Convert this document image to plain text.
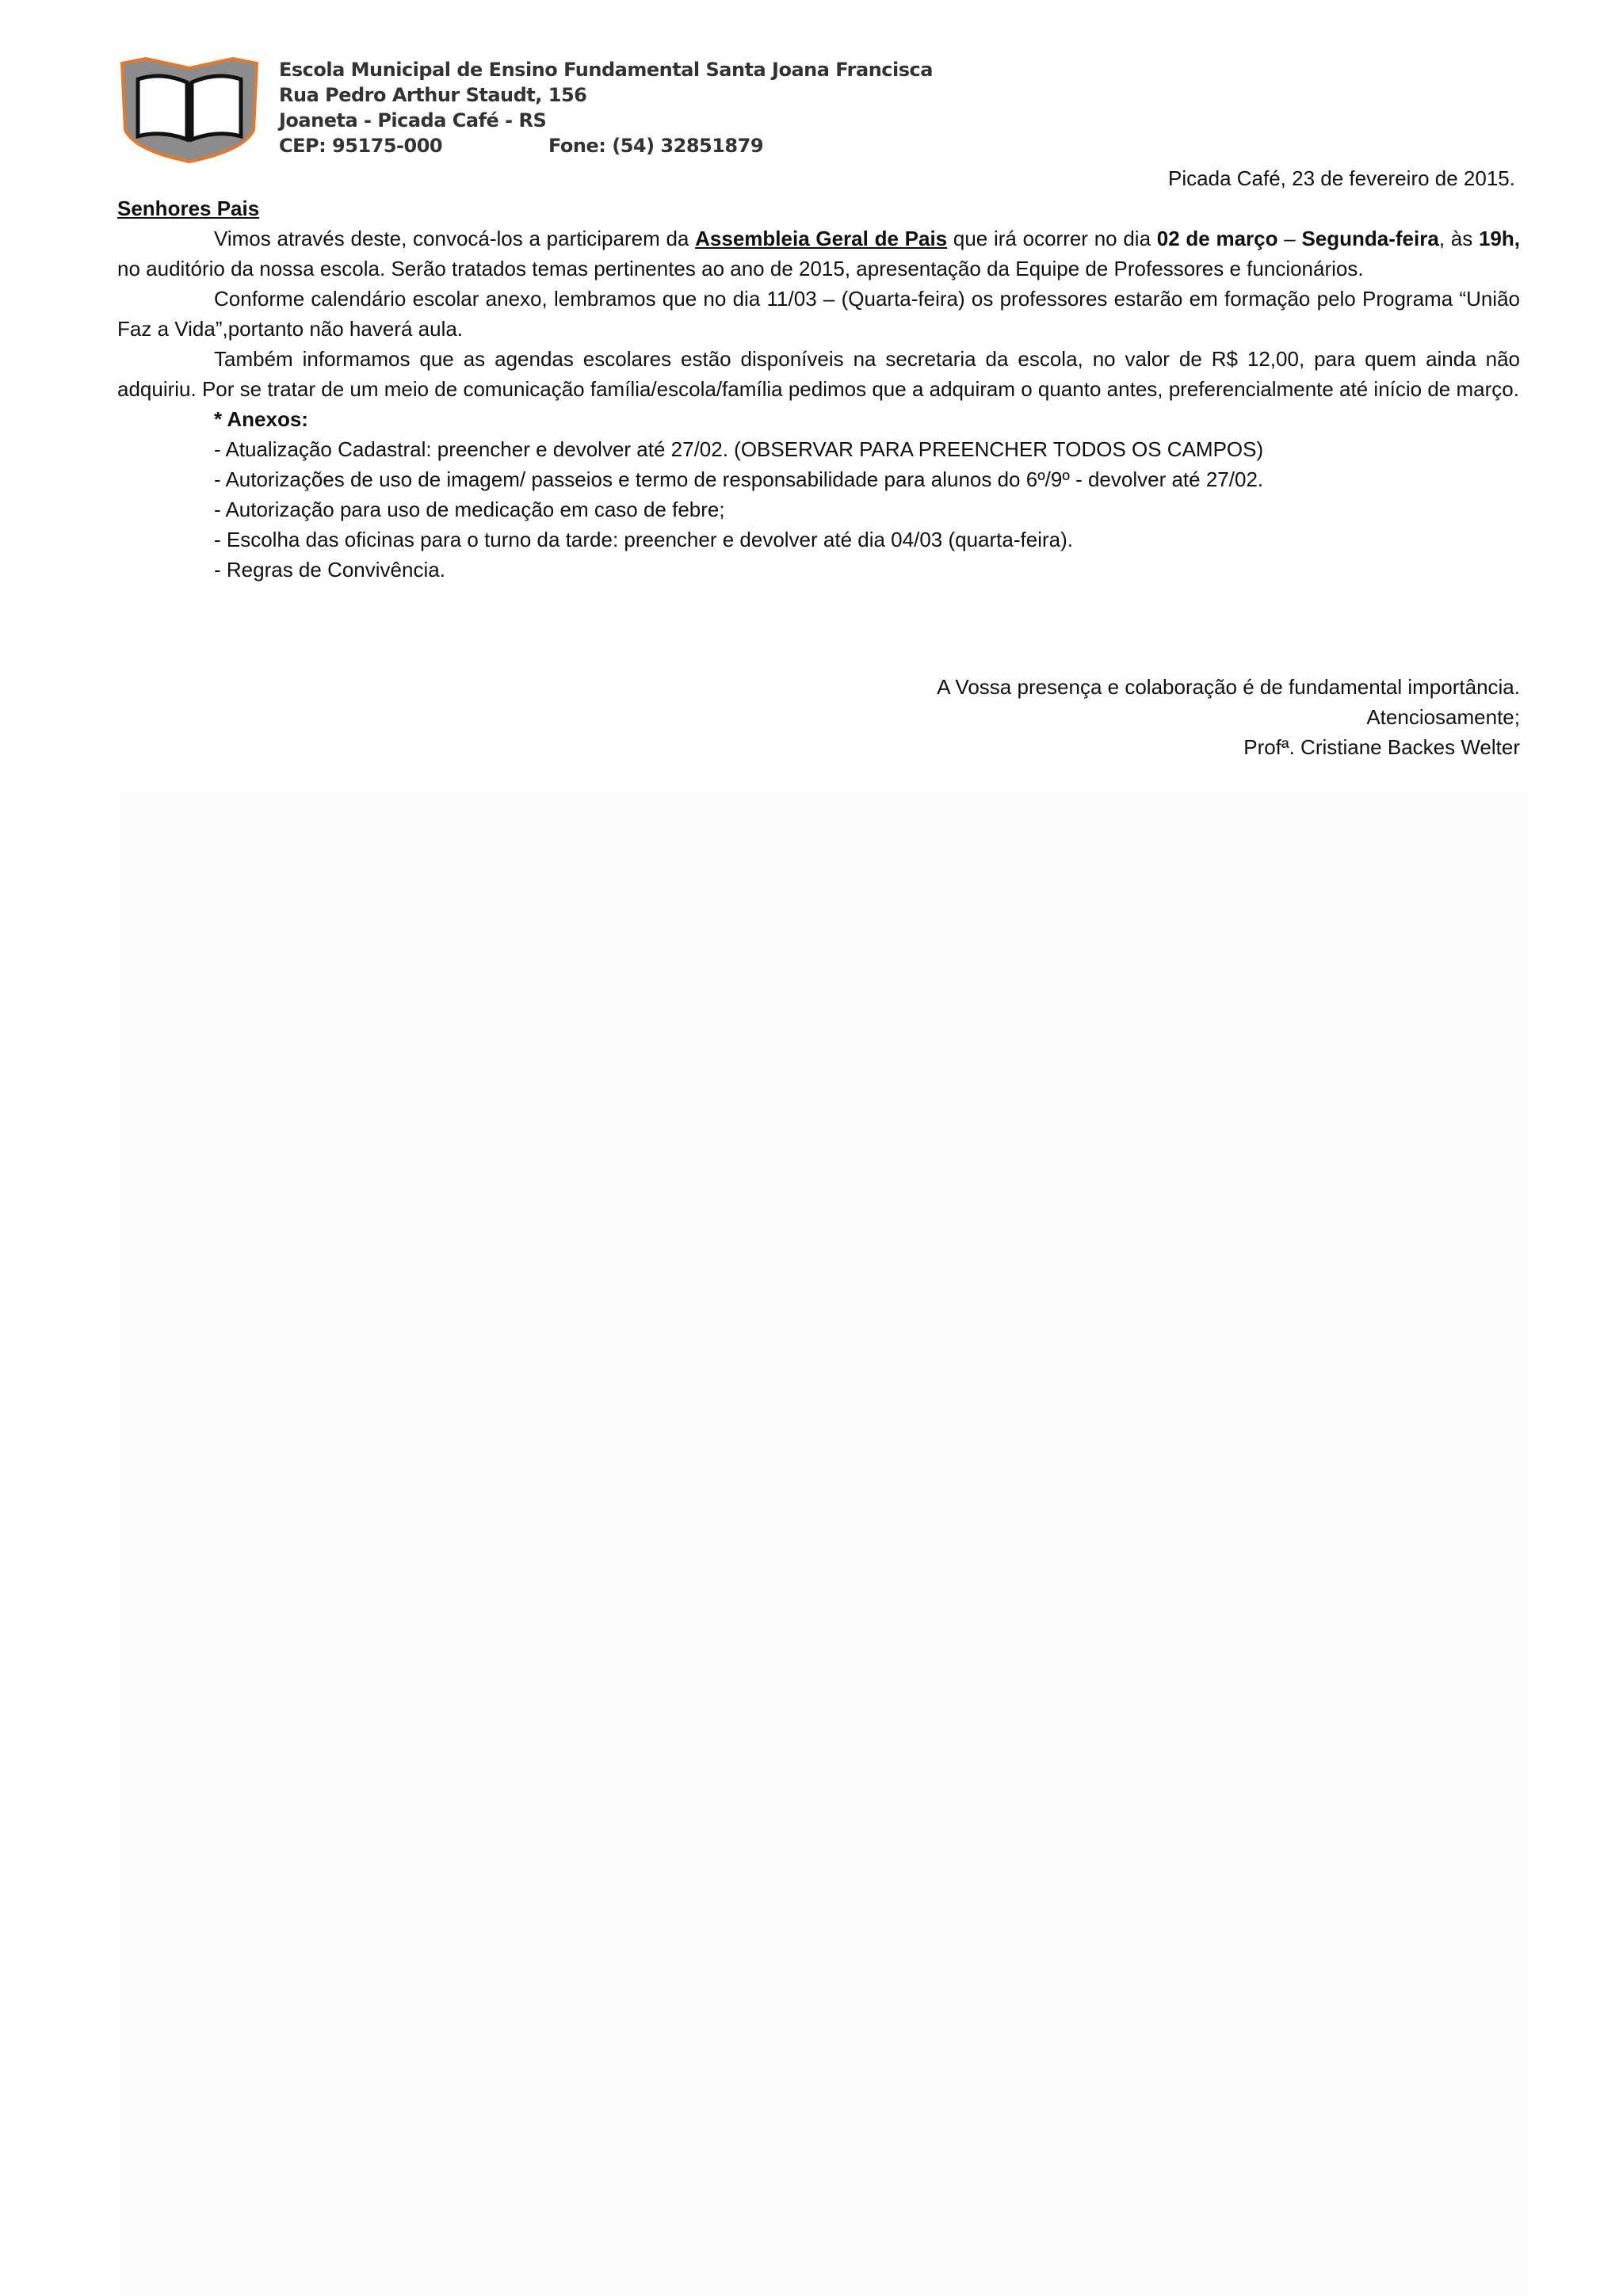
Escola Municipal de Ensino Fundamental Santa Joana Francisca
Rua Pedro Arthur Staudt, 156
Joaneta - Picada Café - RS
CEP: 95175-000	Fone: (54) 32851879
Picada Café, 23 de fevereiro de 2015.
Senhores Pais

Vimos através deste, convocá-los a participarem da Assembleia Geral de Pais que irá ocorrer no dia 02 de março – Segunda-feira, às 19h, no auditório da nossa escola. Serão tratados temas pertinentes ao ano de 2015, apresentação da Equipe de Professores e funcionários.

Conforme calendário escolar anexo, lembramos que no dia 11/03 – (Quarta-feira) os professores estarão em formação pelo Programa “União Faz a Vida”,portanto não haverá aula.

Também informamos que as agendas escolares estão disponíveis na secretaria da escola, no valor de R$ 12,00, para quem ainda não adquiriu. Por se tratar de um meio de comunicação família/escola/família pedimos que a adquiram o quanto antes, preferencialmente até início de março.

* Anexos:
- Atualização Cadastral: preencher e devolver até 27/02. (OBSERVAR PARA PREENCHER TODOS OS CAMPOS)
- Autorizações de uso de imagem/ passeios e termo de responsabilidade para alunos do 6º/9º - devolver até 27/02.
- Autorização para uso de medicação em caso de febre;
- Escolha das oficinas para o turno da tarde: preencher e devolver até dia 04/03 (quarta-feira).
- Regras de Convivência.
A Vossa presença e colaboração é de fundamental importância.
Atenciosamente;
Profª. Cristiane Backes Welter
